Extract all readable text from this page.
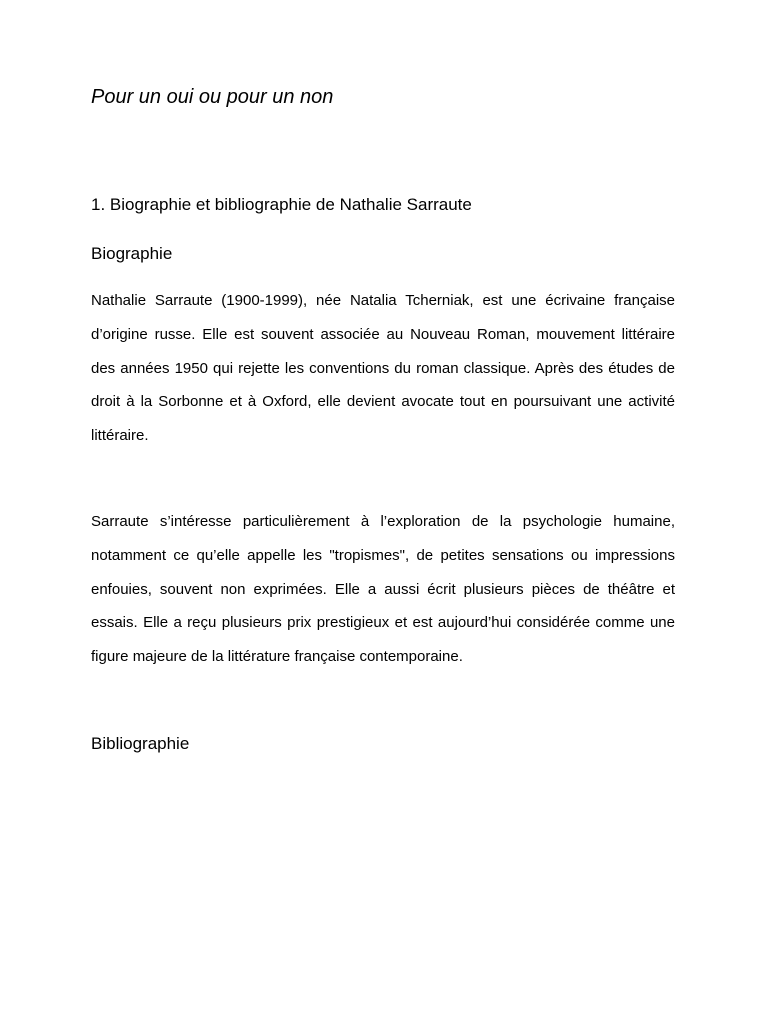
Pour un oui ou pour un non
1. Biographie et bibliographie de Nathalie Sarraute
Biographie

Nathalie Sarraute (1900-1999), née Natalia Tcherniak, est une écrivaine française d’origine russe. Elle est souvent associée au Nouveau Roman, mouvement littéraire des années 1950 qui rejette les conventions du roman classique. Après des études de droit à la Sorbonne et à Oxford, elle devient avocate tout en poursuivant une activité littéraire.

Sarraute s’intéresse particulièrement à l’exploration de la psychologie humaine, notamment ce qu’elle appelle les "tropismes", de petites sensations ou impressions enfouies, souvent non exprimées. Elle a aussi écrit plusieurs pièces de théâtre et essais. Elle a reçu plusieurs prix prestigieux et est aujourd’hui considérée comme une figure majeure de la littérature française contemporaine.

Bibliographie
